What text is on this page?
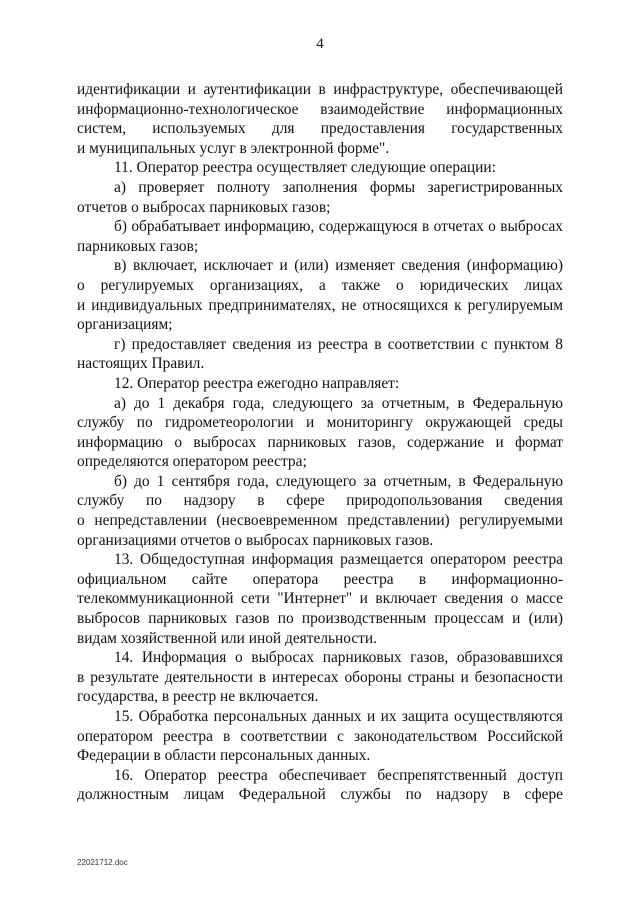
4
идентификации и аутентификации в инфраструктуре, обеспечивающей
информационно-технологическое взаимодействие информационных
систем, используемых для предоставления государственных
и муниципальных услуг в электронной форме".
11. Оператор реестра осуществляет следующие операции:
а) проверяет полноту заполнения формы зарегистрированных
отчетов о выбросах парниковых газов;
б) обрабатывает информацию, содержащуюся в отчетах о выбросах
парниковых газов;
в) включает, исключает и (или) изменяет сведения (информацию)
о регулируемых организациях, а также о юридических лицах
и индивидуальных предпринимателях, не относящихся к регулируемым
организациям;
г) предоставляет сведения из реестра в соответствии с пунктом 8
настоящих Правил.
12. Оператор реестра ежегодно направляет:
а) до 1 декабря года, следующего за отчетным, в Федеральную
службу по гидрометеорологии и мониторингу окружающей среды
информацию о выбросах парниковых газов, содержание и формат
определяются оператором реестра;
б) до 1 сентября года, следующего за отчетным, в Федеральную
службу по надзору в сфере природопользования сведения
о непредставлении (несвоевременном представлении) регулируемыми
организациями отчетов о выбросах парниковых газов.
13. Общедоступная информация размещается оператором реестра
официальном сайте оператора реестра в информационно-
телекоммуникационной сети "Интернет" и включает сведения о массе
выбросов парниковых газов по производственным процессам и (или)
видам хозяйственной или иной деятельности.
14. Информация о выбросах парниковых газов, образовавшихся
в результате деятельности в интересах обороны страны и безопасности
государства, в реестр не включается.
15. Обработка персональных данных и их защита осуществляются
оператором реестра в соответствии с законодательством Российской
Федерации в области персональных данных.
16. Оператор реестра обеспечивает беспрепятственный доступ
должностным лицам Федеральной службы по надзору в сфере
22021712.doc
